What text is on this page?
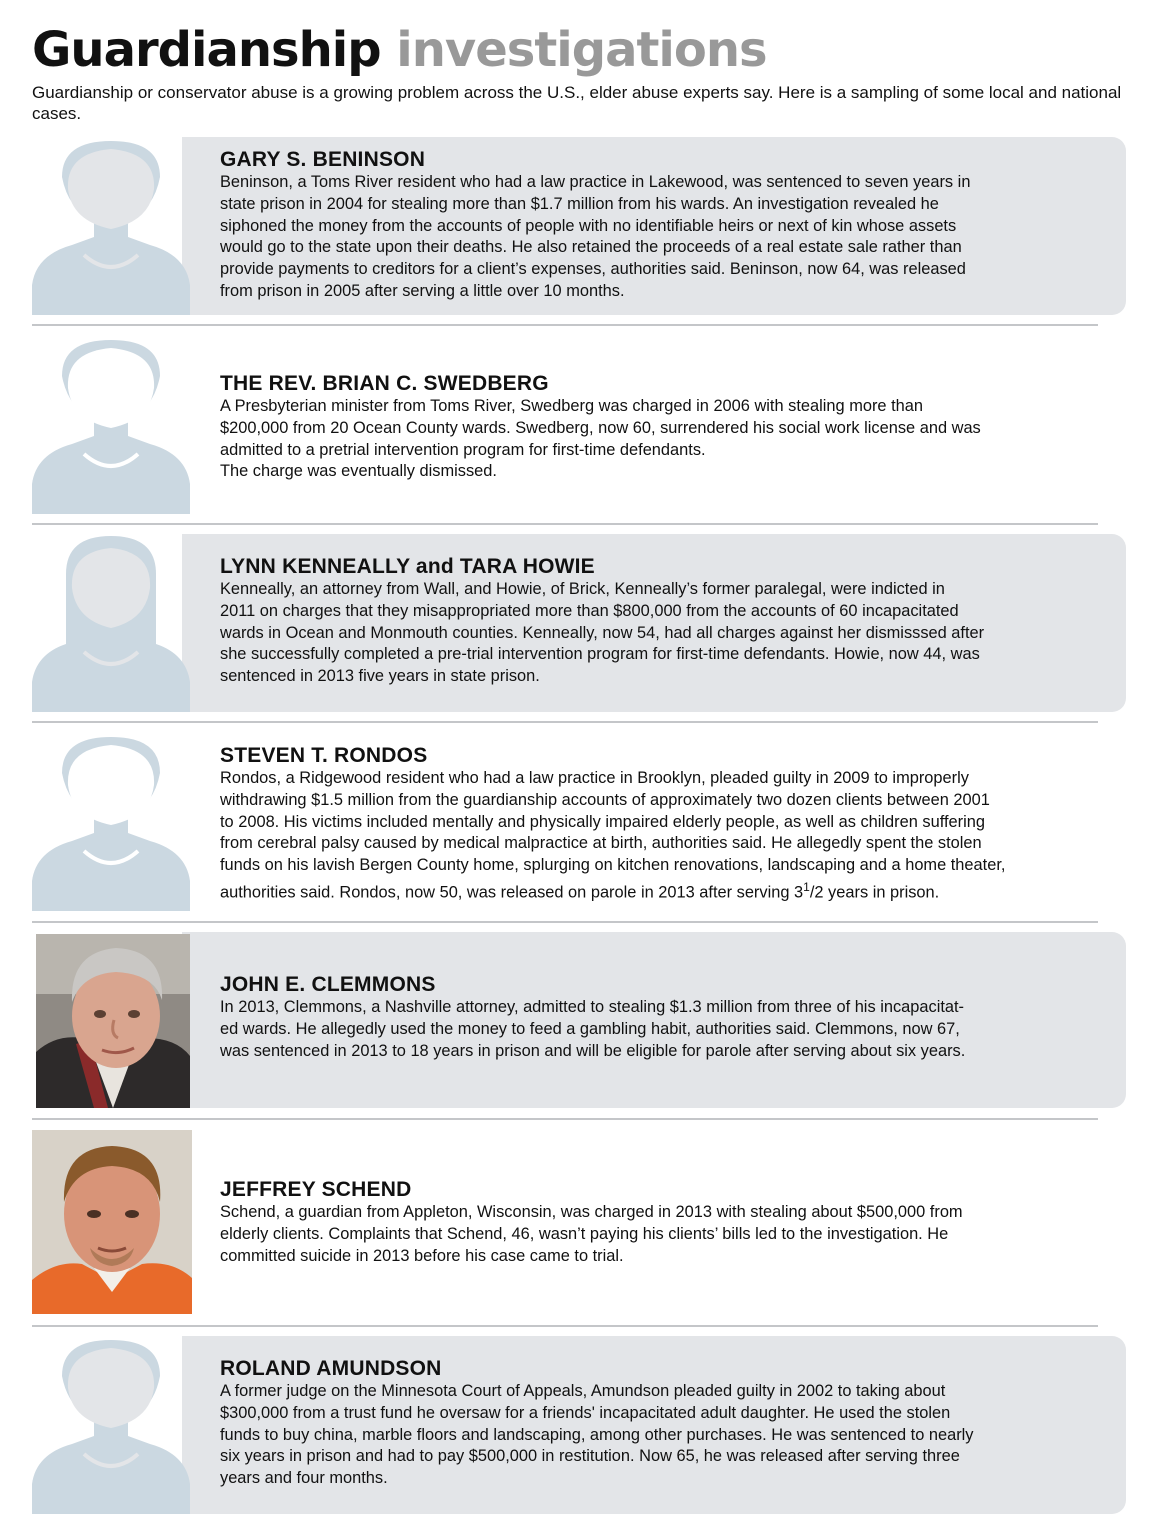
Guardianship investigations
Guardianship or conservator abuse is a growing problem across the U.S., elder abuse experts say. Here is a sampling of some local and national cases.
GARY S. BENINSON
Beninson, a Toms River resident who had a law practice in Lakewood, was sentenced to seven years in
state prison in 2004 for stealing more than $1.7 million from his wards. An investigation revealed he
siphoned the money from the accounts of people with no identifiable heirs or next of kin whose assets
would go to the state upon their deaths. He also retained the proceeds of a real estate sale rather than
provide payments to creditors for a client’s expenses, authorities said. Beninson, now 64, was released
from prison in 2005 after serving a little over 10 months.
THE REV. BRIAN C. SWEDBERG
A Presbyterian minister from Toms River, Swedberg was charged in 2006 with stealing more than
$200,000 from 20 Ocean County wards. Swedberg, now 60, surrendered his social work license and was
admitted to a pretrial intervention program for first-time defendants.
The charge was eventually dismissed.
LYNN KENNEALLY and TARA HOWIE
Kenneally, an attorney from Wall, and Howie, of Brick, Kenneally’s former paralegal, were indicted in
2011 on charges that they misappropriated more than $800,000 from the accounts of 60 incapacitated
wards in Ocean and Monmouth counties. Kenneally, now 54, had all charges against her dismisssed after
she successfully completed a pre-trial intervention program for first-time defendants. Howie, now 44, was
sentenced in 2013 five years in state prison.
STEVEN T. RONDOS
Rondos, a Ridgewood resident who had a law practice in Brooklyn, pleaded guilty in 2009 to improperly
withdrawing $1.5 million from the guardianship accounts of approximately two dozen clients between 2001
to 2008. His victims included mentally and physically impaired elderly people, as well as children suffering
from cerebral palsy caused by medical malpractice at birth, authorities said. He allegedly spent the stolen
funds on his lavish Bergen County home, splurging on kitchen renovations, landscaping and a home theater,
authorities said. Rondos, now 50, was released on parole in 2013 after serving $3^1/2$ years in prison.
JOHN E. CLEMMONS
In 2013, Clemmons, a Nashville attorney, admitted to stealing $1.3 million from three of his incapacitat-
ed wards. He allegedly used the money to feed a gambling habit, authorities said. Clemmons, now 67,
was sentenced in 2013 to 18 years in prison and will be eligible for parole after serving about six years.
JEFFREY SCHEND
Schend, a guardian from Appleton, Wisconsin, was charged in 2013 with stealing about $500,000 from
elderly clients. Complaints that Schend, 46, wasn’t paying his clients’ bills led to the investigation. He
committed suicide in 2013 before his case came to trial.
ROLAND AMUNDSON
A former judge on the Minnesota Court of Appeals, Amundson pleaded guilty in 2002 to taking about
$300,000 from a trust fund he oversaw for a friends' incapacitated adult daughter. He used the stolen
funds to buy china, marble floors and landscaping, among other purchases. He was sentenced to nearly
six years in prison and had to pay $500,000 in restitution. Now 65, he was released after serving three
years and four months.
